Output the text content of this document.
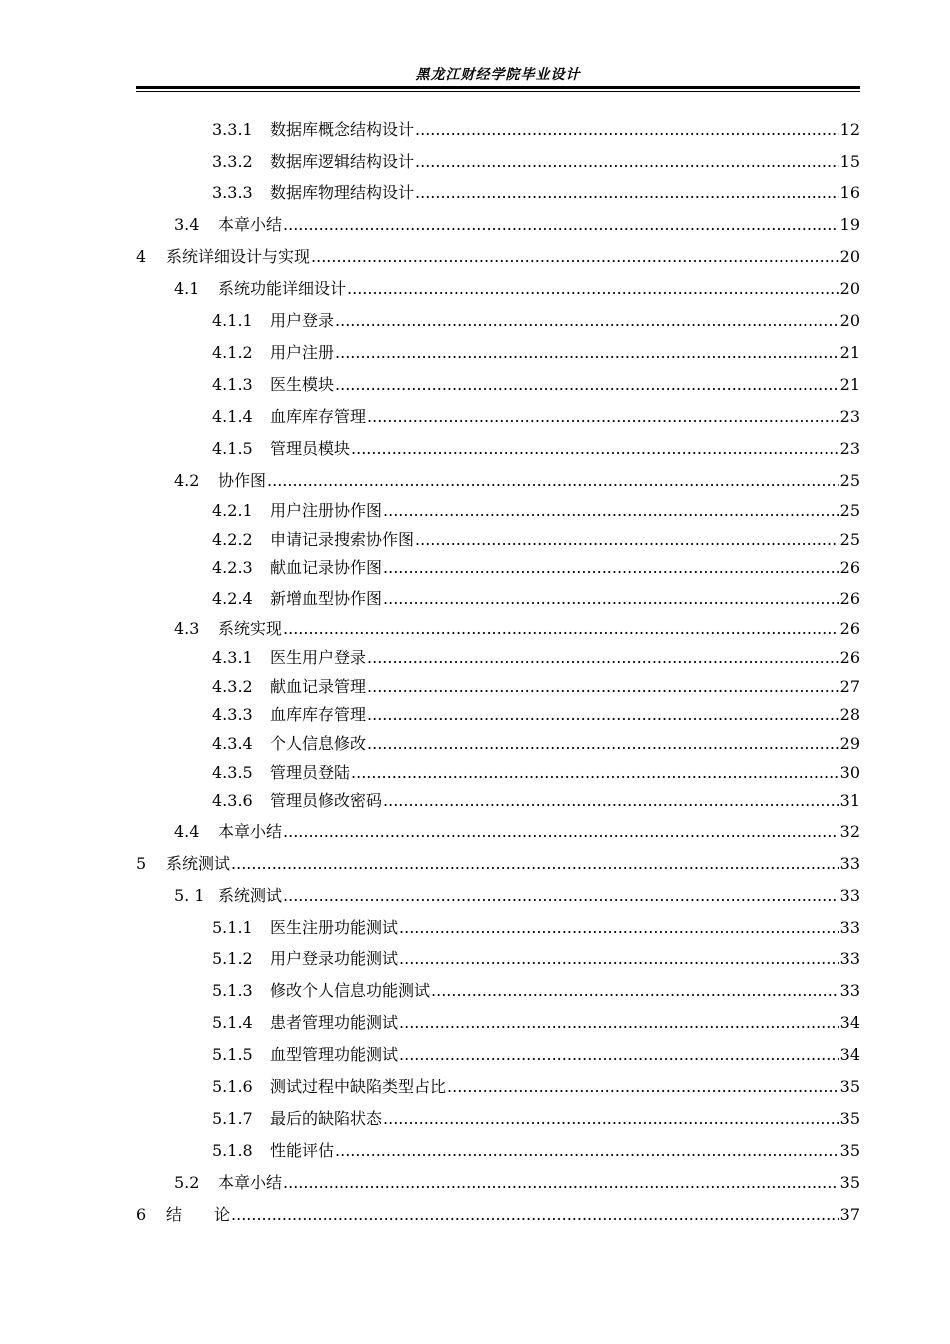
黑龙江财经学院毕业设计
3.3.1	数据库概念结构设计 .....	12
3.3.2	数据库逻辑结构设计 .....	15
3.3.3	数据库物理结构设计 .....	16
3.4	本章小结 .....	19
4	系统详细设计与实现 .....	20
4.1	系统功能详细设计 .....	20
4.1.1	用户登录 .....	20
4.1.2	用户注册 .....	21
4.1.3	医生模块 .....	21
4.1.4	血库库存管理 .....	23
4.1.5	管理员模块 .....	23
4.2	协作图 .....	25
4.2.1	用户注册协作图 .....	25
4.2.2	申请记录搜索协作图 .....	25
4.2.3	献血记录协作图 .....	26
4.2.4	新增血型协作图 .....	26
4.3	系统实现 .....	26
4.3.1	医生用户登录 .....	26
4.3.2	献血记录管理 .....	27
4.3.3	血库库存管理 .....	28
4.3.4	个人信息修改 .....	29
4.3.5	管理员登陆 .....	30
4.3.6	管理员修改密码 .....	31
4.4	本章小结 .....	32
5	系统测试 .....	33
5. 1 系统测试 .....	33
5.1.1	医生注册功能测试 .....	33
5.1.2	用户登录功能测试 .....	33
5.1.3	修改个人信息功能测试 .....	33
5.1.4	患者管理功能测试 .....	34
5.1.5	血型管理功能测试 .....	34
5.1.6	测试过程中缺陷类型占比 .....	35
5.1.7	最后的缺陷状态 .....	35
5.1.8	性能评估 .....	35
5.2	本章小结 .....	35
6	结　　论 .....	37
